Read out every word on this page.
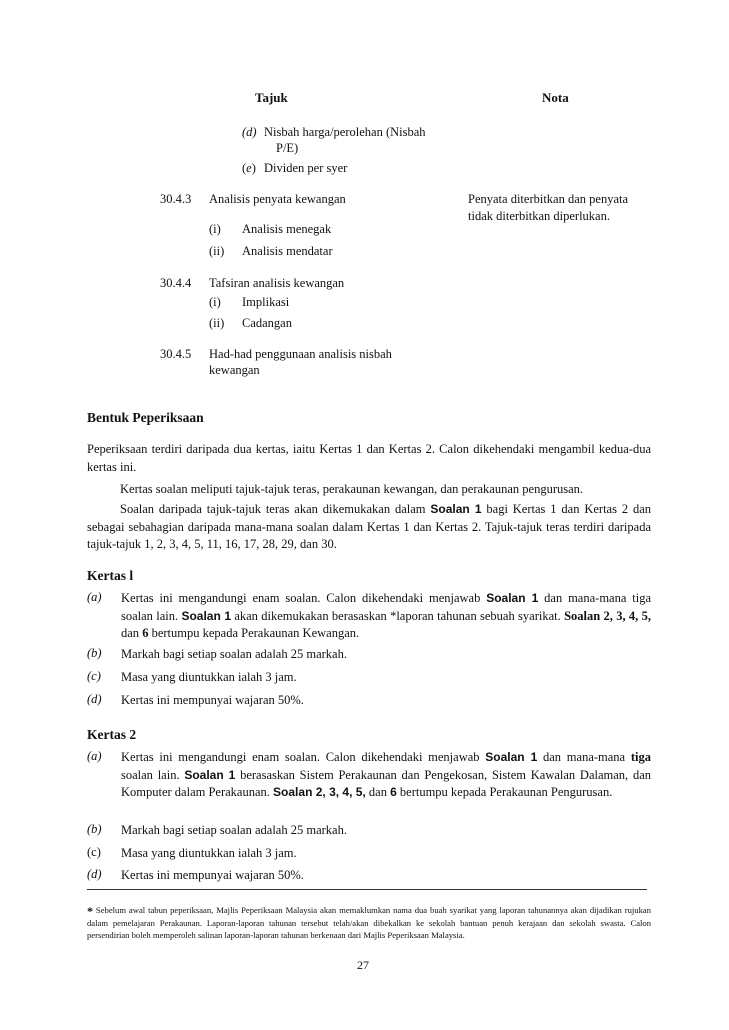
Tajuk	Nota
(d) Nisbah harga/perolehan (Nisbah
P/E)
(e) Dividen per syer
30.4.3 Analisis penyata kewangan	Penyata diterbitkan dan penyata
tidak diterbitkan diperlukan.
(i) Analisis menegak
(ii) Analisis mendatar
30.4.4 Tafsiran analisis kewangan
(i) Implikasi
(ii) Cadangan
30.4.5 Had-had penggunaan analisis nisbah
kewangan
Bentuk Peperiksaan
Peperiksaan terdiri daripada dua kertas, iaitu Kertas 1 dan Kertas 2. Calon dikehendaki mengambil kedua-dua kertas ini.
Kertas soalan meliputi tajuk-tajuk teras, perakaunan kewangan, dan perakaunan pengurusan.
Soalan daripada tajuk-tajuk teras akan dikemukakan dalam Soalan 1 bagi Kertas 1 dan Kertas 2 dan sebagai sebahagian daripada mana-mana soalan dalam Kertas 1 dan Kertas 2. Tajuk-tajuk teras terdiri daripada tajuk-tajuk 1, 2, 3, 4, 5, 11, 16, 17, 28, 29, dan 30.
Kertas l
(a) Kertas ini mengandungi enam soalan. Calon dikehendaki menjawab Soalan 1 dan mana-mana tiga soalan lain. Soalan 1 akan dikemukakan berasaskan *laporan tahunan sebuah syarikat. Soalan 2, 3, 4, 5, dan 6 bertumpu kepada Perakaunan Kewangan.
(b) Markah bagi setiap soalan adalah 25 markah.
(c) Masa yang diuntukkan ialah 3 jam.
(d) Kertas ini mempunyai wajaran 50%.
Kertas 2
(a) Kertas ini mengandungi enam soalan. Calon dikehendaki menjawab Soalan 1 dan mana-mana tiga soalan lain. Soalan 1 berasaskan Sistem Perakaunan dan Pengekosan, Sistem Kawalan Dalaman, dan Komputer dalam Perakaunan. Soalan 2, 3, 4, 5, dan 6 bertumpu kepada Perakaunan Pengurusan.
(b) Markah bagi setiap soalan adalah 25 markah.
(c) Masa yang diuntukkan ialah 3 jam.
(d) Kertas ini mempunyai wajaran 50%.
* Sebelum awal tabun peperiksaan, Majlis Peperiksaan Malaysia akan memaklumkan nama dua buah syarikat yang laporan tahunannya akan dijadikan rujukan dalam pemelajaran Perakaunan. Laporan-laporan tahunan tersebut telah/akan dibekalkan ke sekolah bantuan penuh kerajaan dan sekolah swasta. Calon persendirian boleh memperoleh salinan laporan-laporan tahunan berkenaan dari Majlis Peperiksaan Malaysia.
27
